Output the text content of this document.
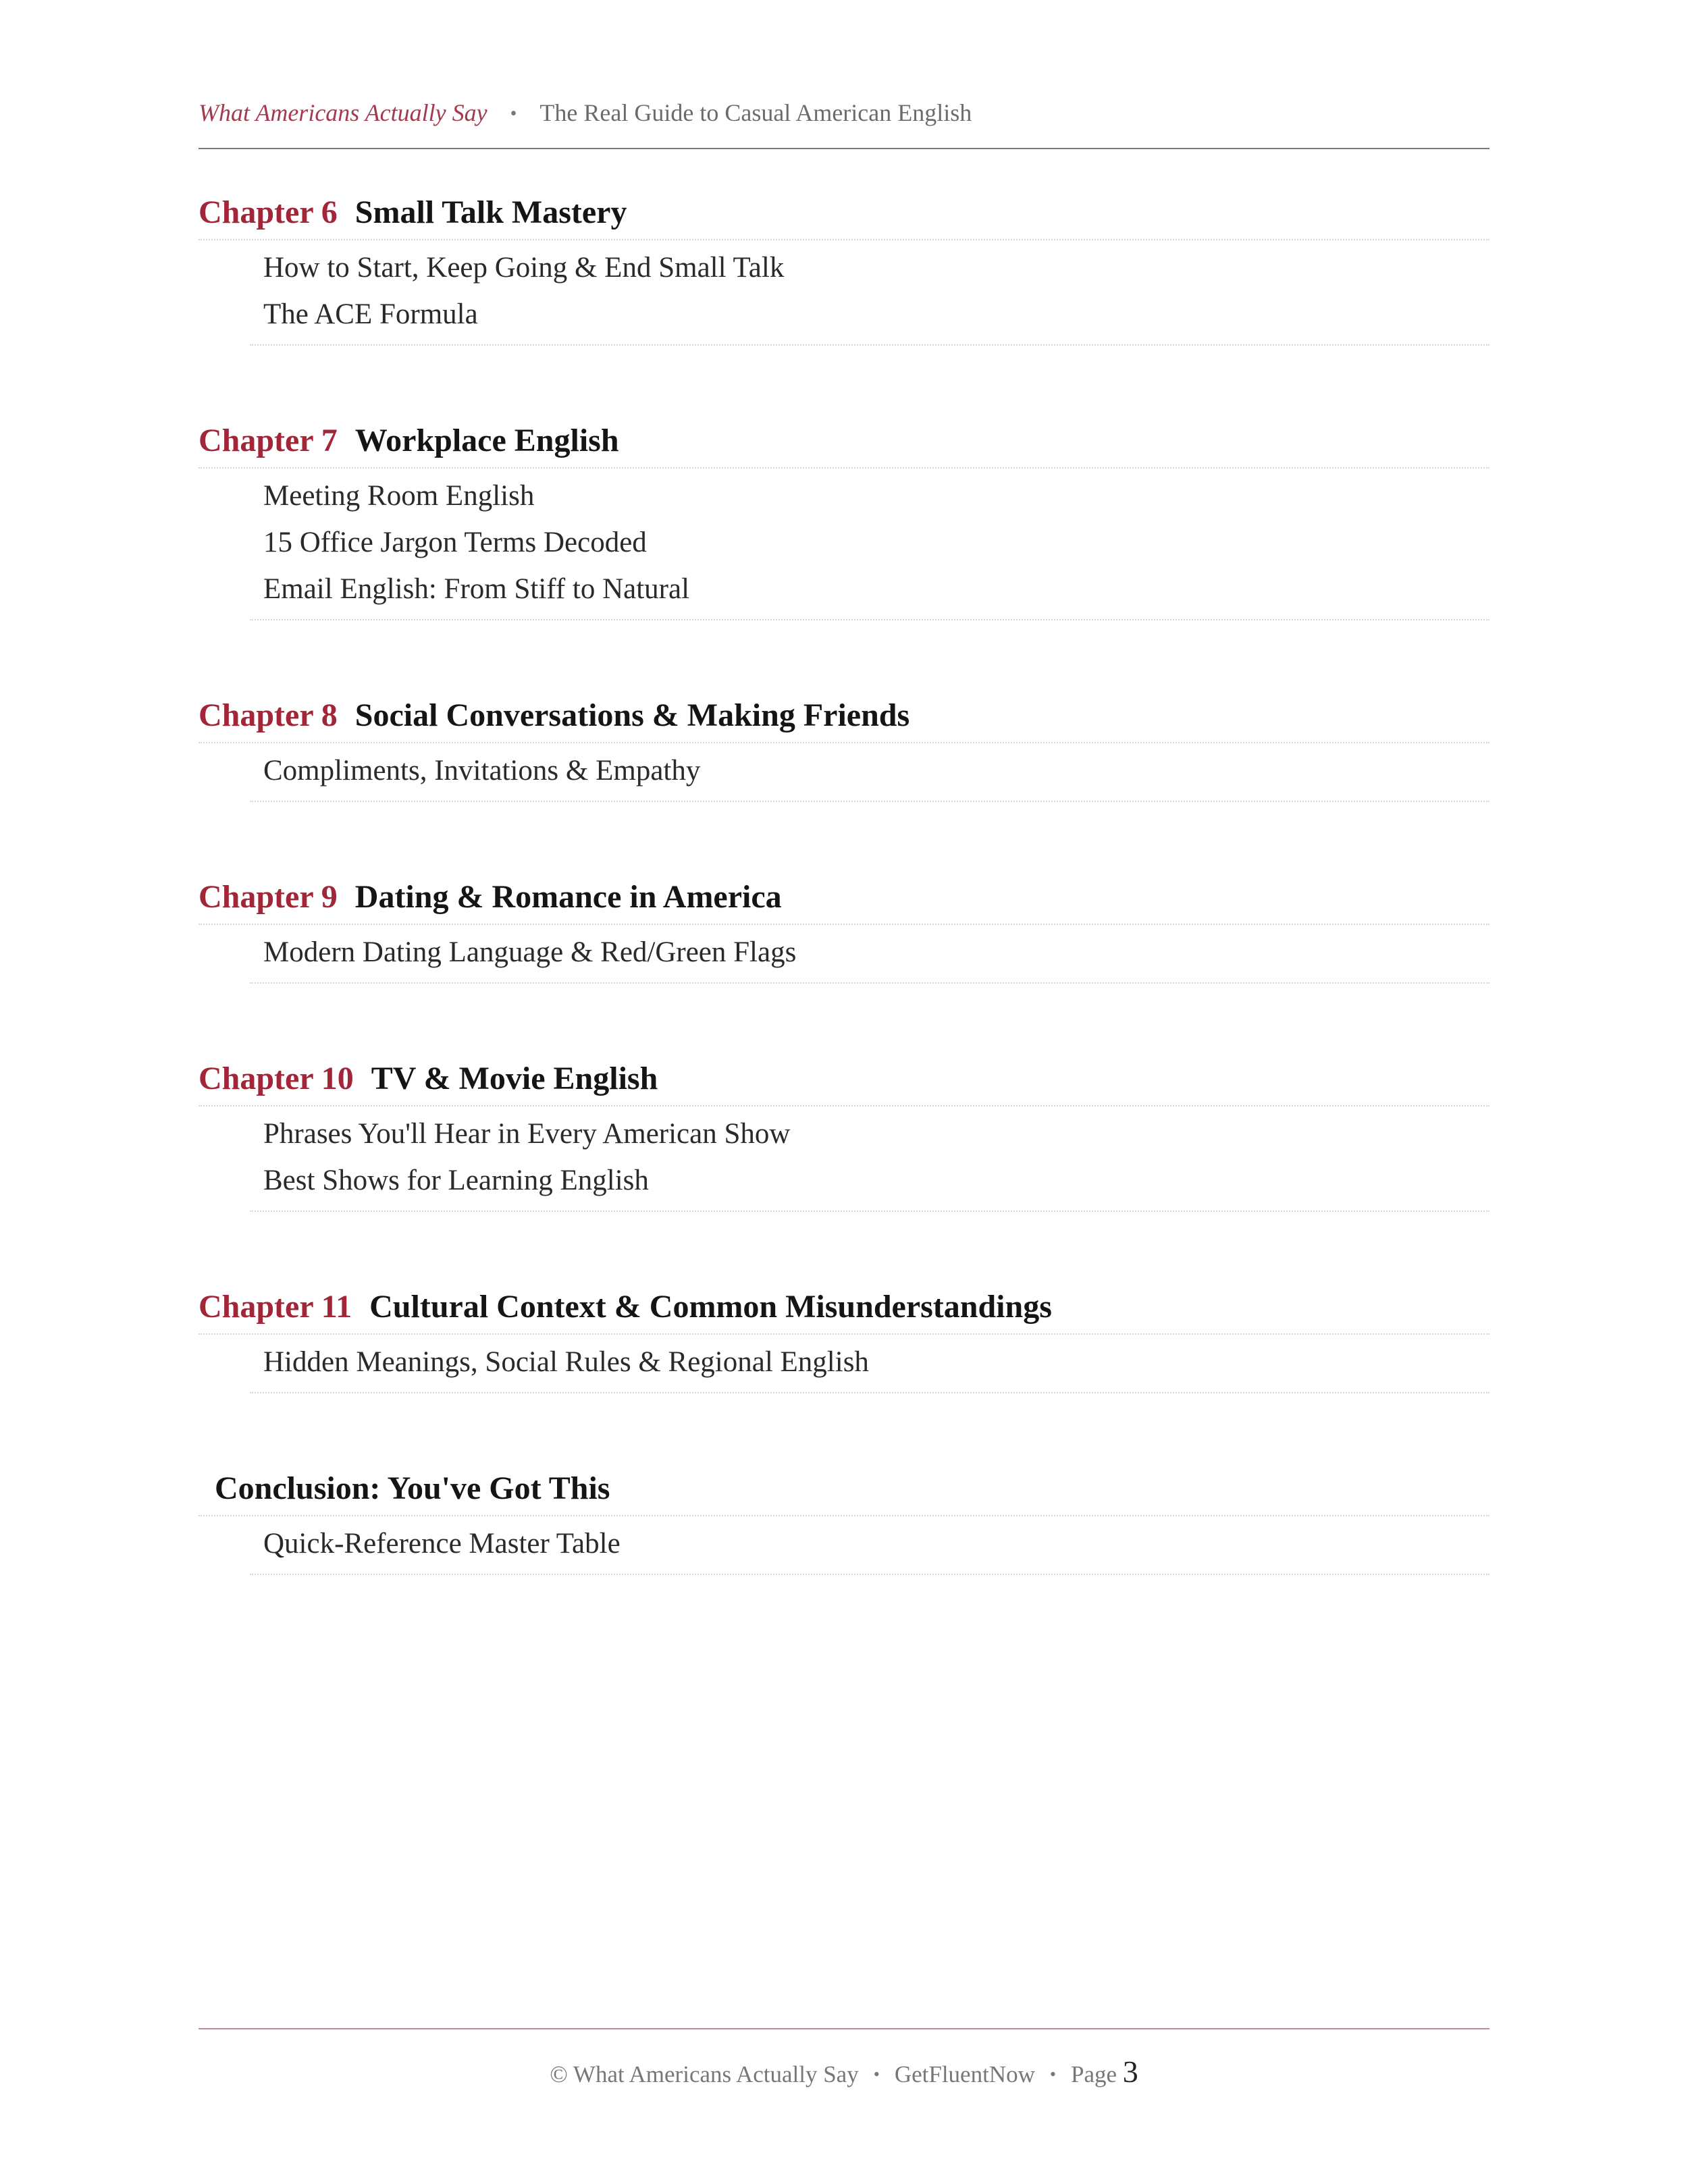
What Americans Actually Say • The Real Guide to Casual American English
Chapter 6 Small Talk Mastery
How to Start, Keep Going & End Small Talk
The ACE Formula
Chapter 7 Workplace English
Meeting Room English
15 Office Jargon Terms Decoded
Email English: From Stiff to Natural
Chapter 8 Social Conversations & Making Friends
Compliments, Invitations & Empathy
Chapter 9 Dating & Romance in America
Modern Dating Language & Red/Green Flags
Chapter 10 TV & Movie English
Phrases You'll Hear in Every American Show
Best Shows for Learning English
Chapter 11 Cultural Context & Common Misunderstandings
Hidden Meanings, Social Rules & Regional English
Conclusion: You've Got This
Quick-Reference Master Table
© What Americans Actually Say • GetFluentNow • Page 3
